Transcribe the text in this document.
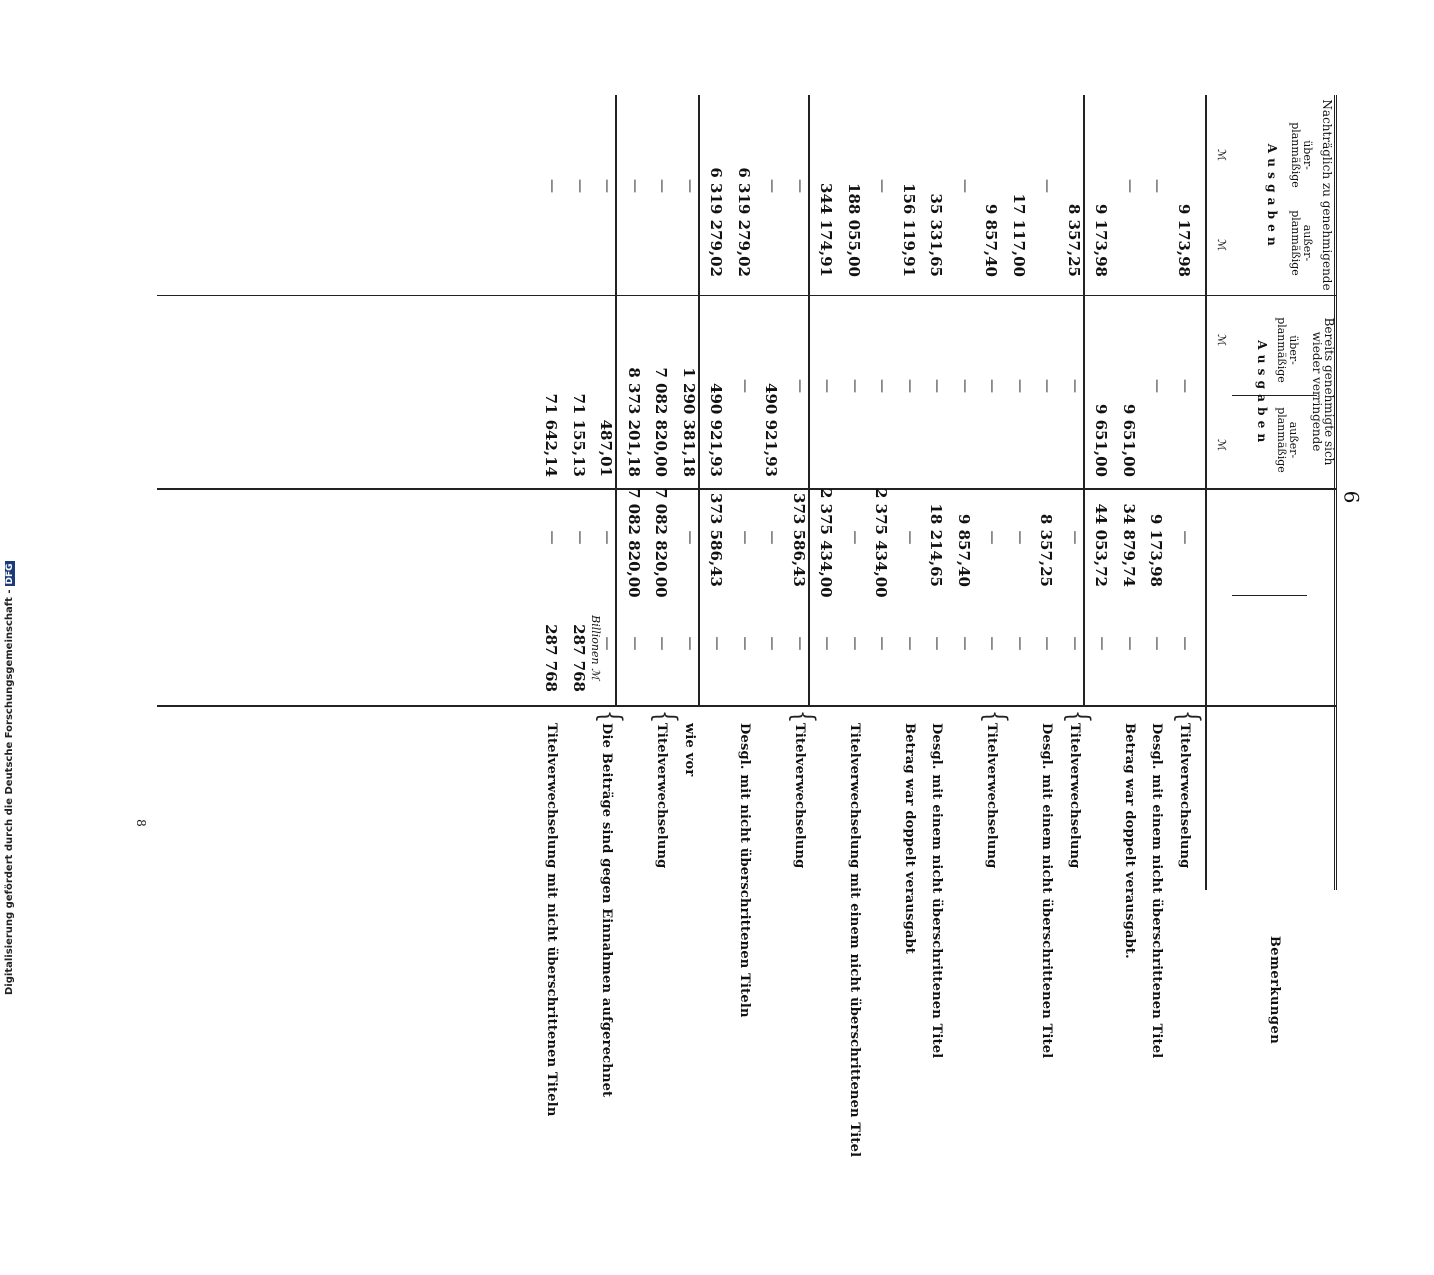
6
8
Digitalisierung gefördert durch die Deutsche Forschungsgemeinschaft -DFG
Nachträglich zu genehmigende
über- planmäßige
außer- planmäßige
A u s g a b e n
Bereits genehmigte sich wieder verringende
über- planmäßige
außer- planmäßige
A u s g a b e n
Bemerkungen
ℳ
ℳ
ℳ
ℳ
9 173,98
—
—
—
Titelverwechselung
{
—
—
9 173,98
—
Desgl. mit einem nicht überschrittenen Titel
—
9 651,00
34 879,74
—
Betrag war doppelt verausgabt.
9 173,98
9 651,00
44 053,72
—
8 357,25
—
—
—
Titelverwechselung
{
—
—
8 357,25
—
Desgl. mit einem nicht überschrittenen Titel
17 117,00
—
—
—
9 857,40
—
—
—
Titelverwechselung
{
—
—
9 857,40
—
35 331,65
—
18 214,65
—
Desgl. mit einem nicht überschrittenen Titel
156 119,91
—
—
—
Betrag war doppelt verausgabt
—
—
2 375 434,00
—
188 055,00
—
—
—
Titelverwechselung mit einem nicht überschrittenen Titel
344 174,91
—
2 375 434,00
—
—
—
373 586,43
—
Titelverwechselung
{
—
490 921,93
—
—
6 319 279,02
—
—
—
Desgl. mit nicht überschrittenen Titeln
6 319 279,02
490 921,93
373 586,43
—
—
1 290 381,18
—
—
wie vor
—
7 082 820,00
7 082 820,00
—
Titelverwechselung
{
—
8 373 201,18
7 082 820,00
—
—
487,01
—
—
Die Beiträge sind gegen Einnahmen aufgerechnet
{
—
71 155,13
—
287 768
—
71 642,14
—
287 768
Titelverwechselung mit nicht überschrittenen Titeln
Billionen ℳ
